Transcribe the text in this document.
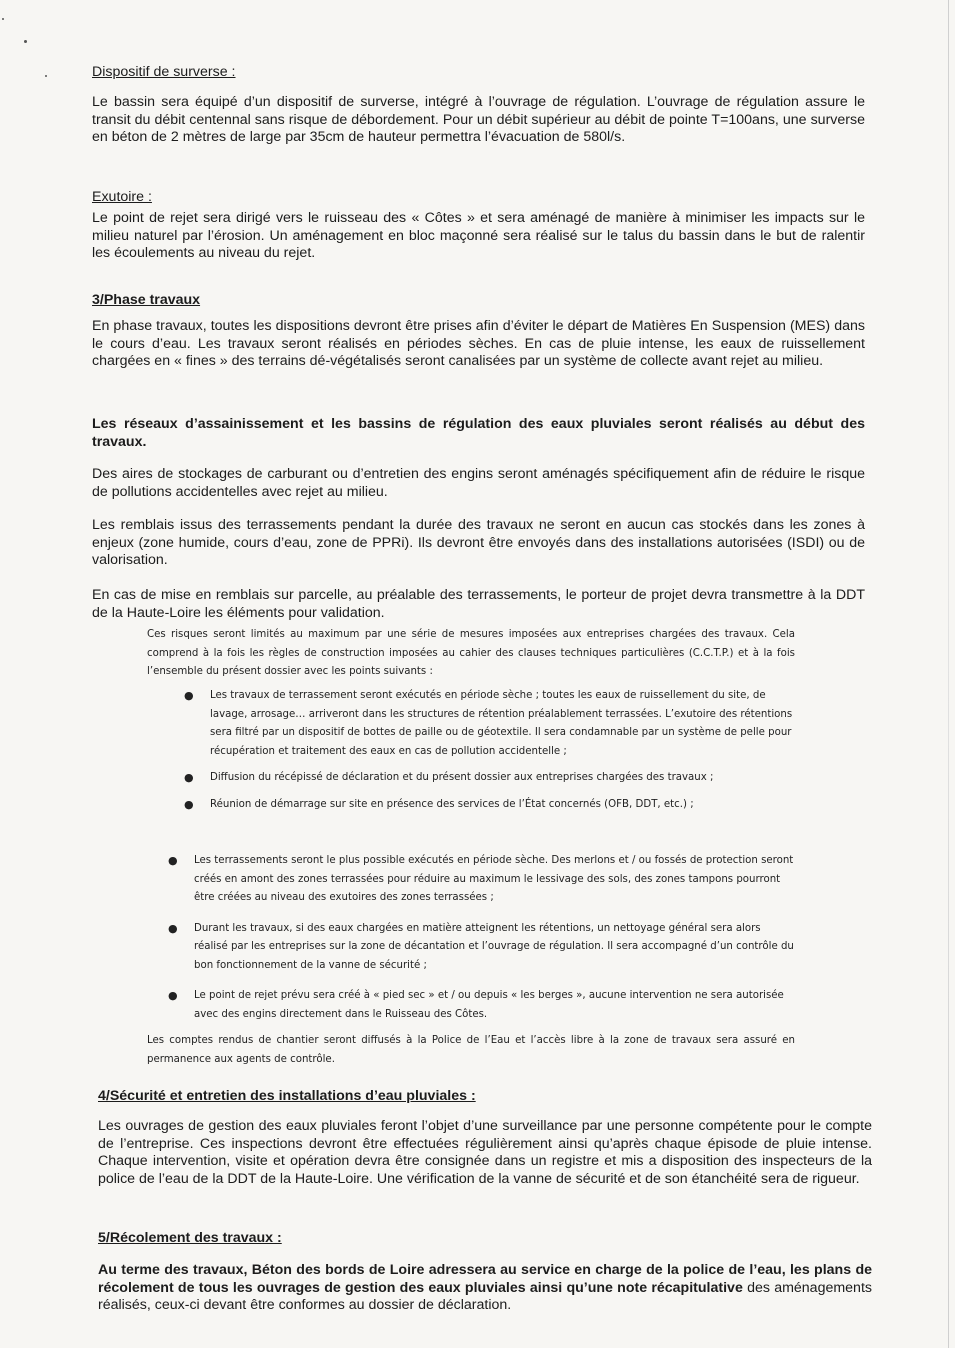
Dispositif de surverse :
Le bassin sera équipé d’un dispositif de surverse, intégré à l’ouvrage de régulation. L’ouvrage de régulation assure le transit du débit centennal sans risque de débordement. Pour un débit supérieur au débit de pointe T=100ans, une surverse en béton de 2 mètres de large par 35cm de hauteur permettra l’évacuation de 580l/s.
Exutoire :
Le point de rejet sera dirigé vers le ruisseau des « Côtes » et sera aménagé de manière à minimiser les impacts sur le milieu naturel par l’érosion. Un aménagement en bloc maçonné sera réalisé sur le talus du bassin dans le but de ralentir les écoulements au niveau du rejet.
3/Phase travaux
En phase travaux, toutes les dispositions devront être prises afin d’éviter le départ de Matières En Suspension (MES) dans le cours d’eau. Les travaux seront réalisés en périodes sèches. En cas de pluie intense, les eaux de ruissellement chargées en « fines » des terrains dé-végétalisés seront canalisées par un système de collecte avant rejet au milieu.
Les réseaux d’assainissement et les bassins de régulation des eaux pluviales seront réalisés au début des travaux.
Des aires de stockages de carburant ou d’entretien des engins seront aménagés spécifiquement afin de réduire le risque de pollutions accidentelles avec rejet au milieu.
Les remblais issus des terrassements pendant la durée des travaux ne seront en aucun cas stockés dans les zones à enjeux (zone humide, cours d’eau, zone de PPRi). Ils devront être envoyés dans des installations autorisées (ISDI) ou de valorisation.
En cas de mise en remblais sur parcelle, au préalable des terrassements, le porteur de projet devra transmettre à la DDT de la Haute-Loire les éléments pour validation.
Ces risques seront limités au maximum par une série de mesures imposées aux entreprises chargées des travaux. Cela comprend à la fois les règles de construction imposées au cahier des clauses techniques particulières (C.C.T.P.) et à la fois l’ensemble du présent dossier avec les points suivants :
● Les travaux de terrassement seront exécutés en période sèche ; toutes les eaux de ruissellement du site, de lavage, arrosage… arriveront dans les structures de rétention préalablement terrassées. L’exutoire des rétentions sera filtré par un dispositif de bottes de paille ou de géotextile. Il sera condamnable par un système de pelle pour récupération et traitement des eaux en cas de pollution accidentelle ;
● Diffusion du récépissé de déclaration et du présent dossier aux entreprises chargées des travaux ;
● Réunion de démarrage sur site en présence des services de l’État concernés (OFB, DDT, etc.) ;
● Les terrassements seront le plus possible exécutés en période sèche. Des merlons et / ou fossés de protection seront créés en amont des zones terrassées pour réduire au maximum le lessivage des sols, des zones tampons pourront être créées au niveau des exutoires des zones terrassées ;
● Durant les travaux, si des eaux chargées en matière atteignent les rétentions, un nettoyage général sera alors réalisé par les entreprises sur la zone de décantation et l’ouvrage de régulation. Il sera accompagné d’un contrôle du bon fonctionnement de la vanne de sécurité ;
● Le point de rejet prévu sera créé à « pied sec » et / ou depuis « les berges », aucune intervention ne sera autorisée avec des engins directement dans le Ruisseau des Côtes.
Les comptes rendus de chantier seront diffusés à la Police de l’Eau et l’accès libre à la zone de travaux sera assuré en permanence aux agents de contrôle.
4/Sécurité et entretien des installations d’eau pluviales :
Les ouvrages de gestion des eaux pluviales feront l’objet d’une surveillance par une personne compétente pour le compte de l’entreprise. Ces inspections devront être effectuées régulièrement ainsi qu’après chaque épisode de pluie intense. Chaque intervention, visite et opération devra être consignée dans un registre et mis a disposition des inspecteurs de la police de l’eau de la DDT de la Haute-Loire. Une vérification de la vanne de sécurité et de son étanchéité sera de rigueur.
5/Récolement des travaux :
Au terme des travaux, Béton des bords de Loire adressera au service en charge de la police de l’eau, les plans de récolement de tous les ouvrages de gestion des eaux pluviales ainsi qu’une note récapitulative des aménagements réalisés, ceux-ci devant être conformes au dossier de déclaration.
